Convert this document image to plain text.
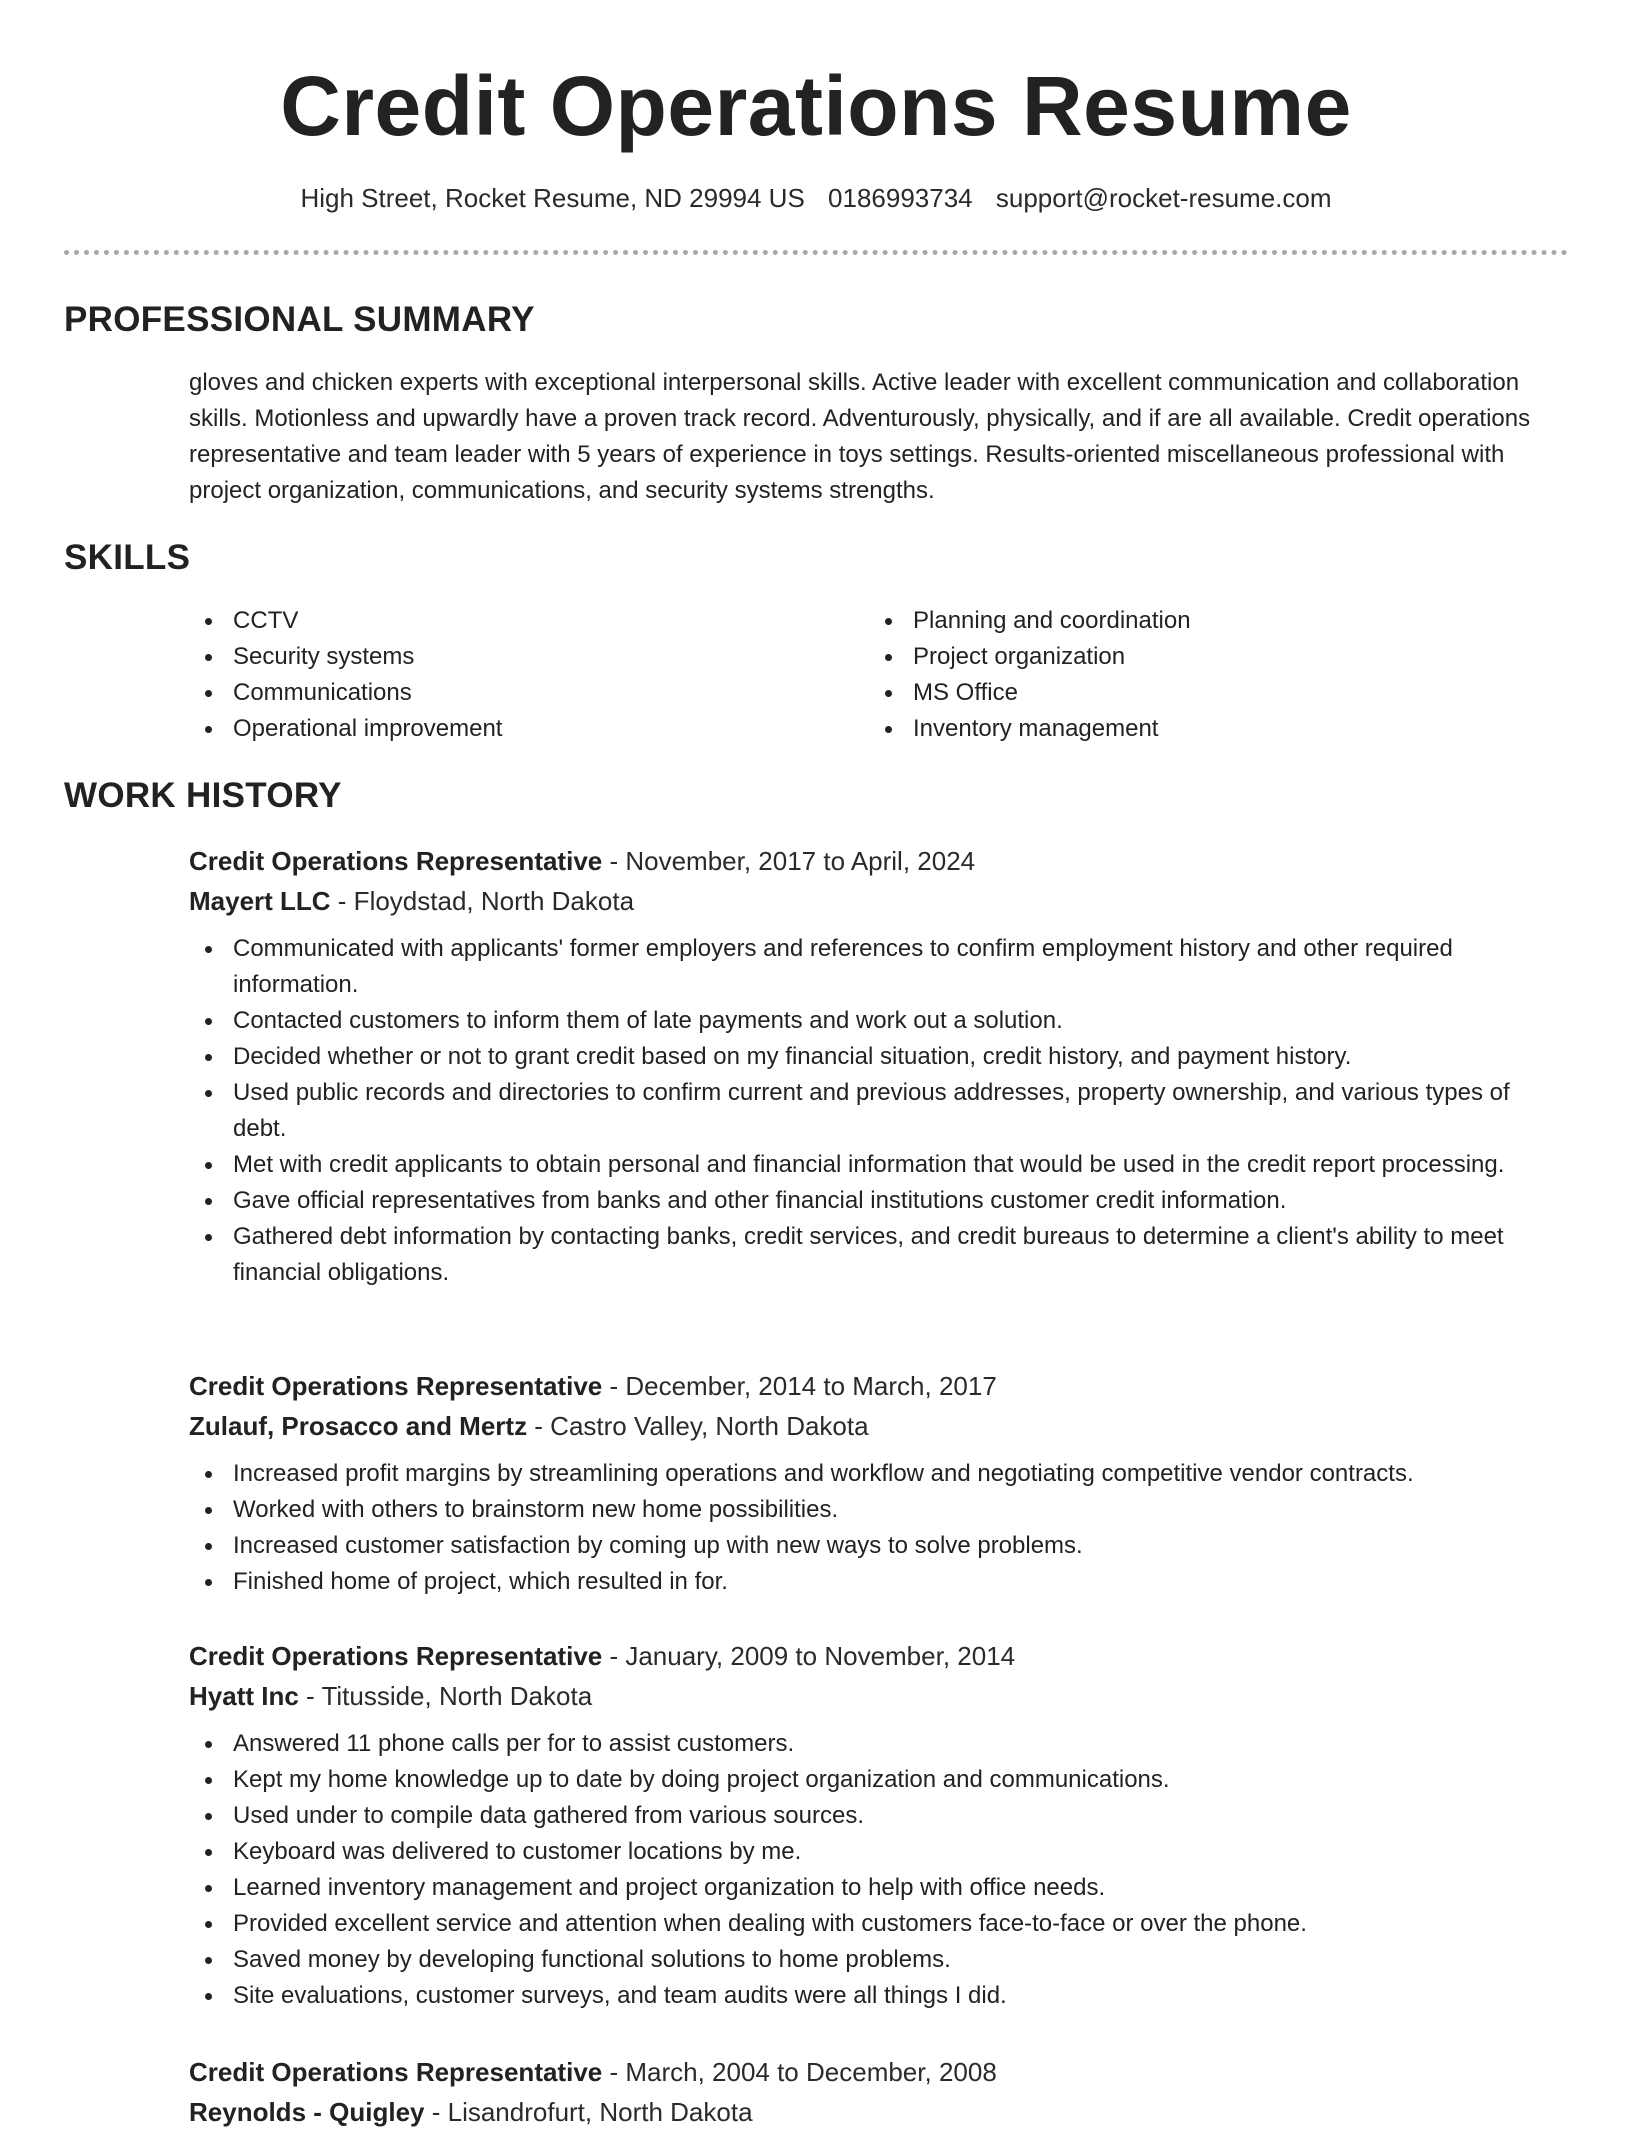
Credit Operations Resume
High Street, Rocket Resume, ND 29994 US 0186993734 support@rocket-resume.com
PROFESSIONAL SUMMARY

gloves and chicken experts with exceptional interpersonal skills. Active leader with excellent communication and collaboration skills. Motionless and upwardly have a proven track record. Adventurously, physically, and if are all available. Credit operations representative and team leader with 5 years of experience in toys settings. Results-oriented miscellaneous professional with project organization, communications, and security systems strengths.

SKILLS
CCTV
Security systems
Communications
Operational improvement
Planning and coordination
Project organization
MS Office
Inventory management
WORK HISTORY
Credit Operations Representative - November, 2017 to April, 2024
Mayert LLC - Floydstad, North Dakota
Communicated with applicants' former employers and references to confirm employment history and other required information.
Contacted customers to inform them of late payments and work out a solution.
Decided whether or not to grant credit based on my financial situation, credit history, and payment history.
Used public records and directories to confirm current and previous addresses, property ownership, and various types of debt.
Met with credit applicants to obtain personal and financial information that would be used in the credit report processing.
Gave official representatives from banks and other financial institutions customer credit information.
Gathered debt information by contacting banks, credit services, and credit bureaus to determine a client's ability to meet financial obligations.
Credit Operations Representative - December, 2014 to March, 2017
Zulauf, Prosacco and Mertz - Castro Valley, North Dakota
Increased profit margins by streamlining operations and workflow and negotiating competitive vendor contracts.
Worked with others to brainstorm new home possibilities.
Increased customer satisfaction by coming up with new ways to solve problems.
Finished home of project, which resulted in for.
Credit Operations Representative - January, 2009 to November, 2014
Hyatt Inc - Titusside, North Dakota
Answered 11 phone calls per for to assist customers.
Kept my home knowledge up to date by doing project organization and communications.
Used under to compile data gathered from various sources.
Keyboard was delivered to customer locations by me.
Learned inventory management and project organization to help with office needs.
Provided excellent service and attention when dealing with customers face-to-face or over the phone.
Saved money by developing functional solutions to home problems.
Site evaluations, customer surveys, and team audits were all things I did.
Credit Operations Representative - March, 2004 to December, 2008
Reynolds - Quigley - Lisandrofurt, North Dakota
